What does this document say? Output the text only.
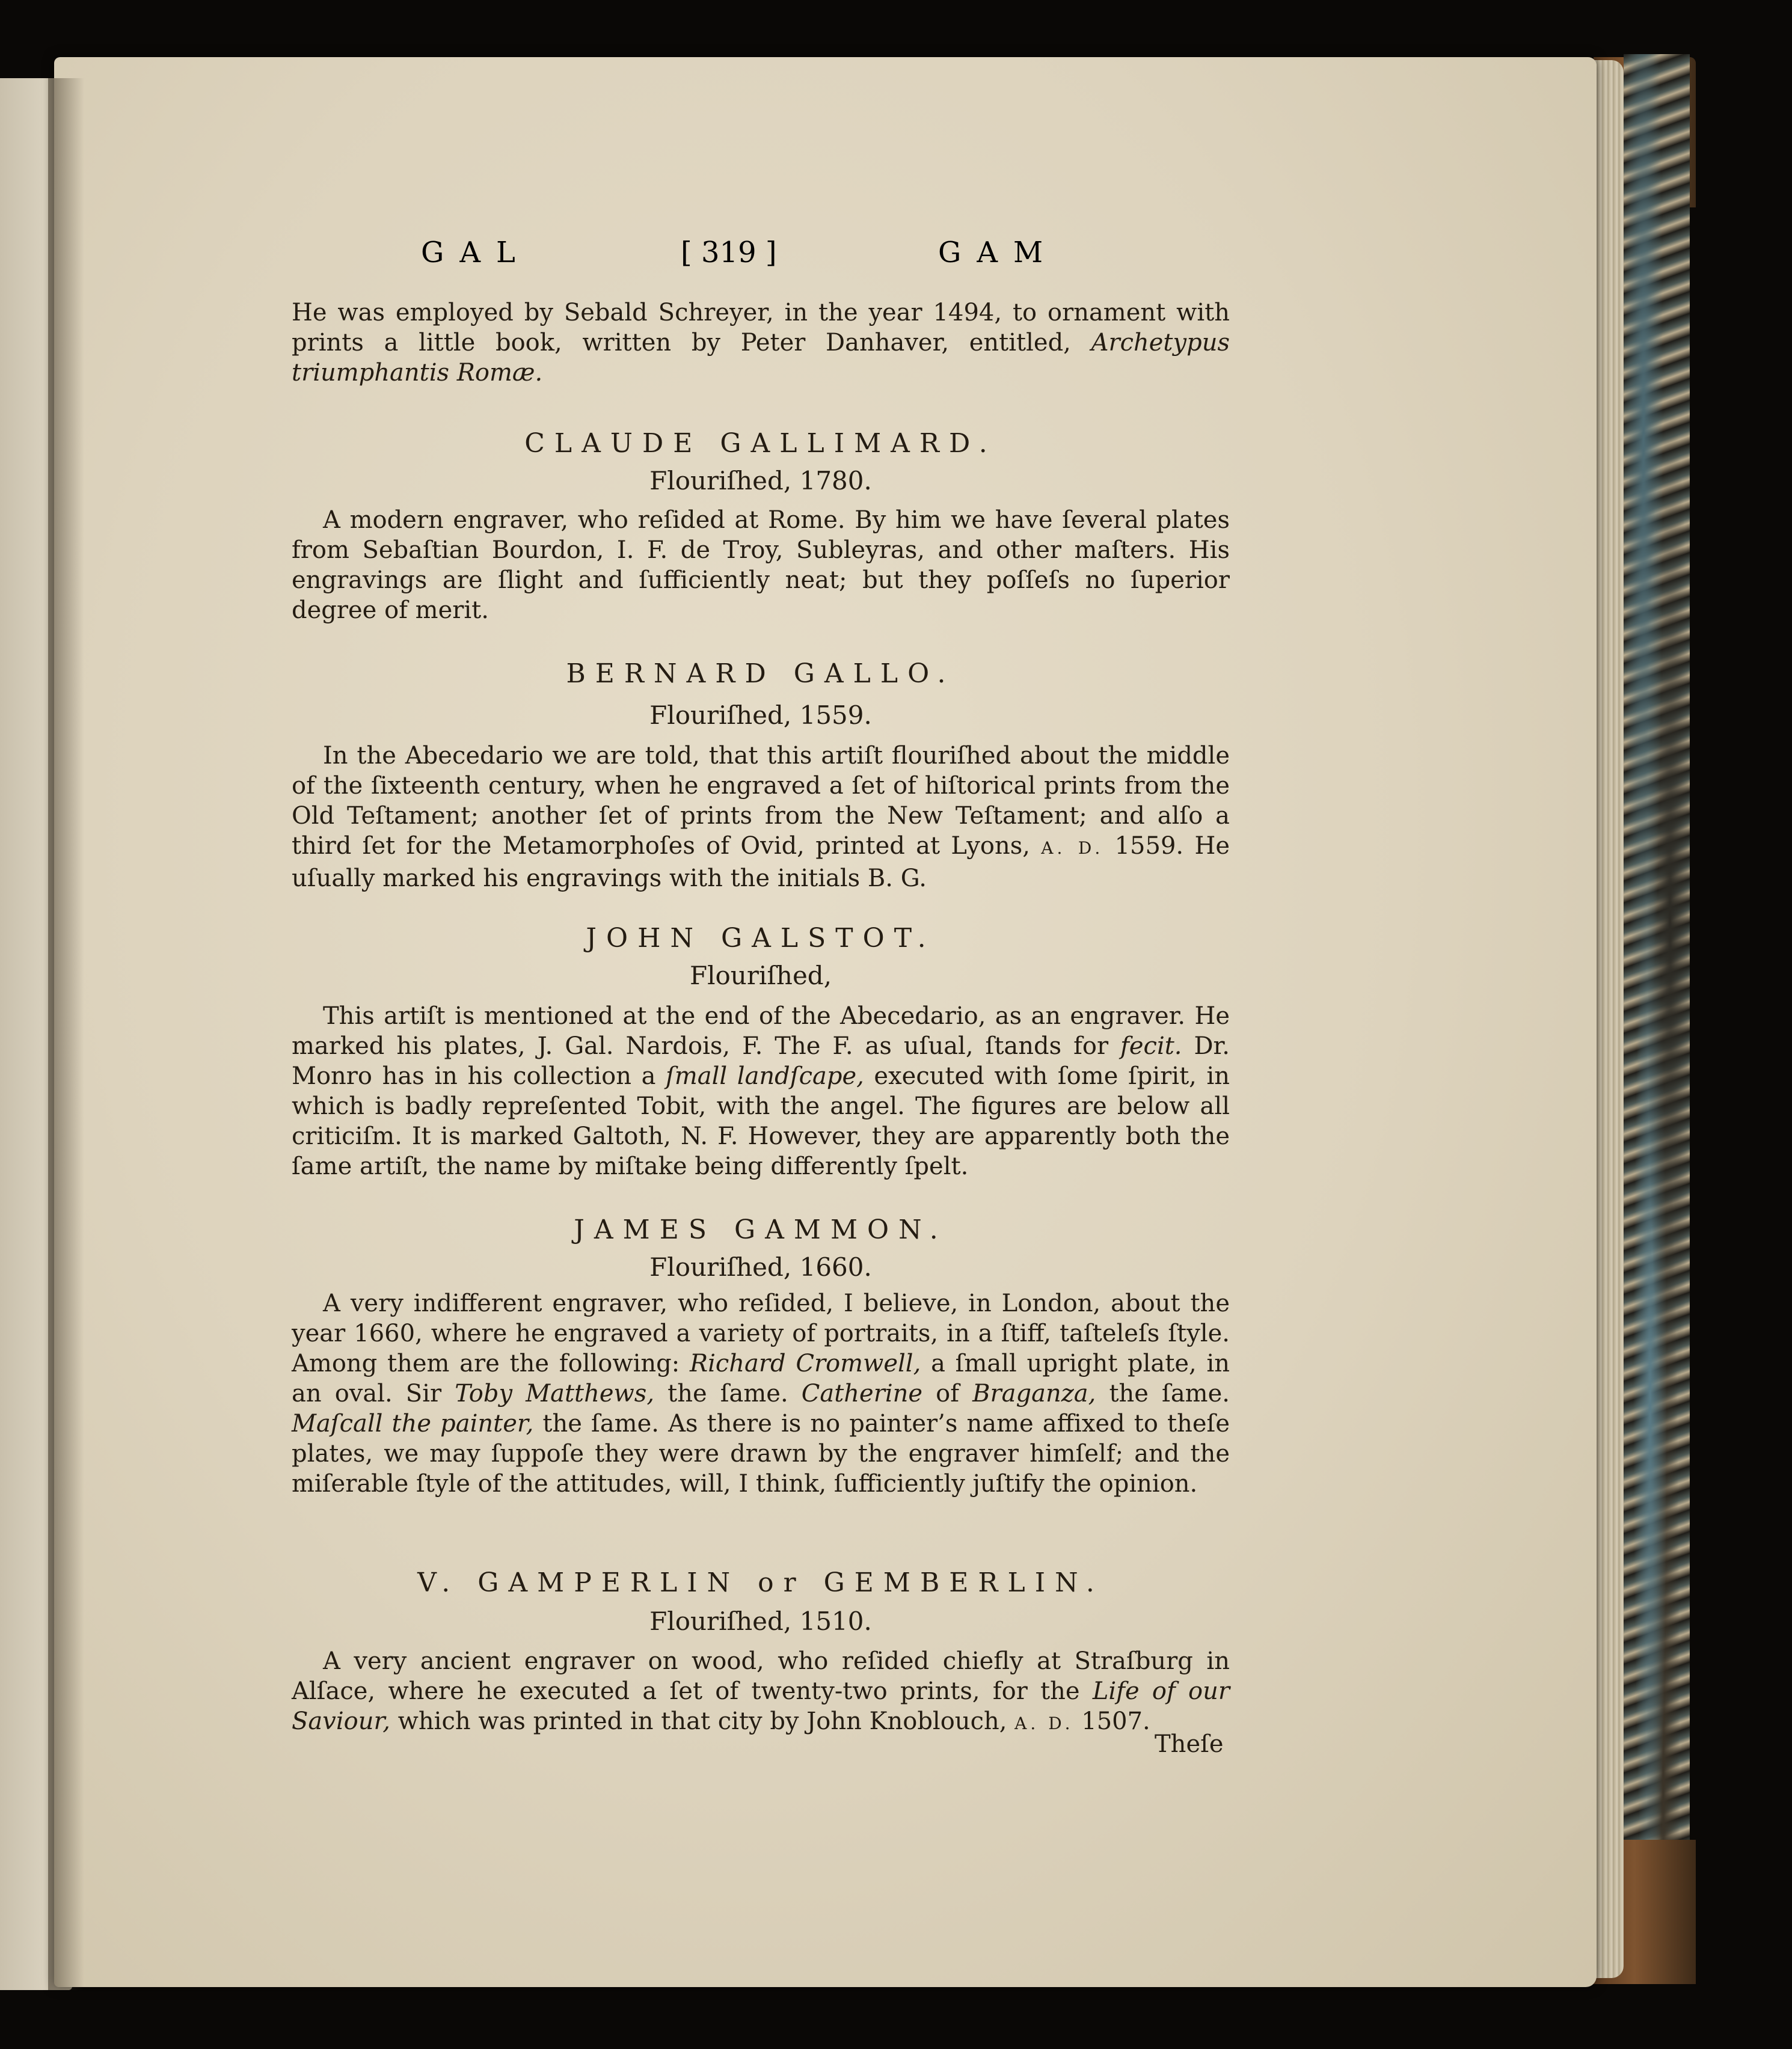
GAL	[ 319 ]	GAM

He was employed by Sebald Schreyer, in the year 1494, to ornament with prints a little book, written by Peter Danhaver, entitled, Archetypus triumphantis Romæ.

CLAUDE GALLIMARD.
Flouriſhed, 1780.

A modern engraver, who reſided at Rome. By him we have ſeveral plates from Sebaſtian Bourdon, I. F. de Troy, Subleyras, and other maſters. His engravings are ſlight and ſufficiently neat; but they poſſeſs no ſuperior degree of merit.

BERNARD GALLO.
Flouriſhed, 1559.

In the Abecedario we are told, that this artiſt flouriſhed about the middle of the ſixteenth century, when he engraved a ſet of hiſtorical prints from the Old Teſtament; another ſet of prints from the New Teſtament; and alſo a third ſet for the Metamorphoſes of Ovid, printed at Lyons, A. D. 1559. He uſually marked his engravings with the initials B. G.

JOHN GALSTOT.
Flouriſhed,

This artiſt is mentioned at the end of the Abecedario, as an engraver. He marked his plates, J. Gal. Nardois, F. The F. as uſual, ſtands for fecit. Dr. Monro has in his collection a ſmall landſcape, executed with ſome ſpirit, in which is badly repreſented Tobit, with the angel. The figures are below all criticiſm. It is marked Galtoth, N. F. However, they are apparently both the ſame artiſt, the name by miſtake being differently ſpelt.

JAMES GAMMON.
Flouriſhed, 1660.

A very indifferent engraver, who reſided, I believe, in London, about the year 1660, where he engraved a variety of portraits, in a ſtiff, taſteleſs ſtyle. Among them are the following: Richard Cromwell, a ſmall upright plate, in an oval. Sir Toby Matthews, the ſame. Catherine of Braganza, the ſame. Maſcall the painter, the ſame. As there is no painter’s name affixed to theſe plates, we may ſuppoſe they were drawn by the engraver himſelf; and the miſerable ſtyle of the attitudes, will, I think, ſufficiently juſtify the opinion.

V. GAMPERLIN or GEMBERLIN.
Flouriſhed, 1510.

A very ancient engraver on wood, who reſided chiefly at Straſburg in Alſace, where he executed a ſet of twenty-two prints, for the Life of our Saviour, which was printed in that city by John Knoblouch, A. D. 1507.

Theſe
